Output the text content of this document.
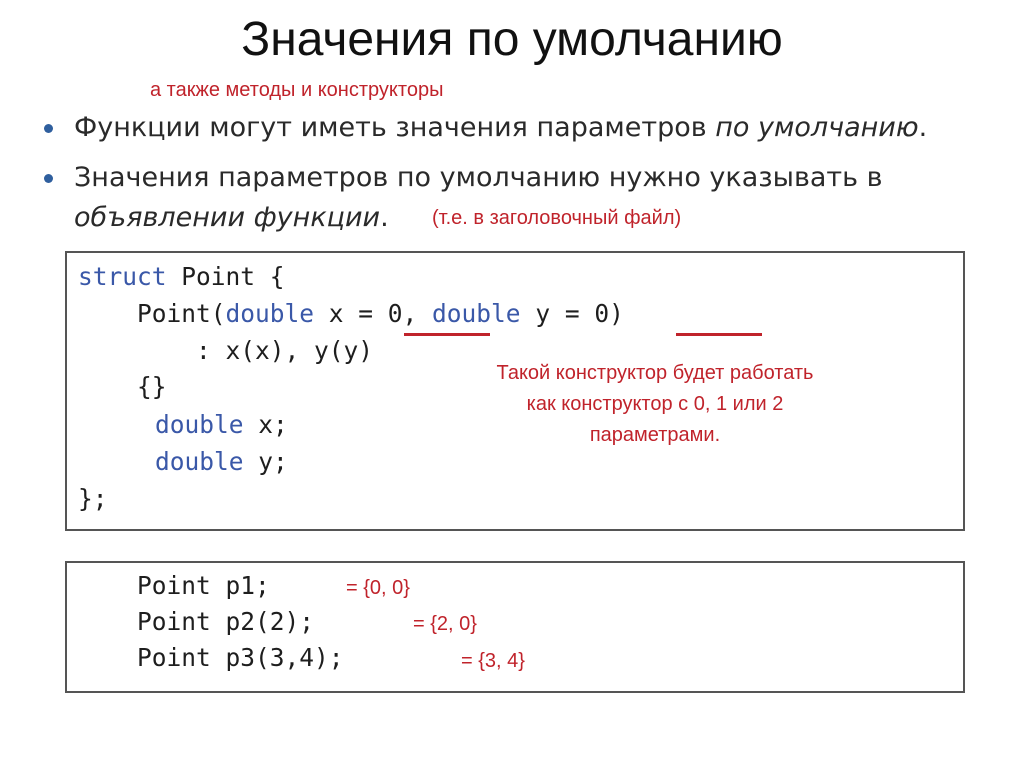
Значения по умолчанию
а также методы и конструкторы
Функции могут иметь значения параметров по умолчанию.
Значения параметров по умолчанию нужно указывать в
объявлении функции.	(т.е. в заголовочный файл)
struct Point {
Point(double x = 0, double y = 0)
: x(x), y(y)
{}
double x;
double y;
};
Такой конструктор будет работать как конструктор с 0, 1 или 2 параметрами.
Point p1;
Point p2(2);
Point p3(3,4);
= {0, 0}
= {2, 0}
= {3, 4}
